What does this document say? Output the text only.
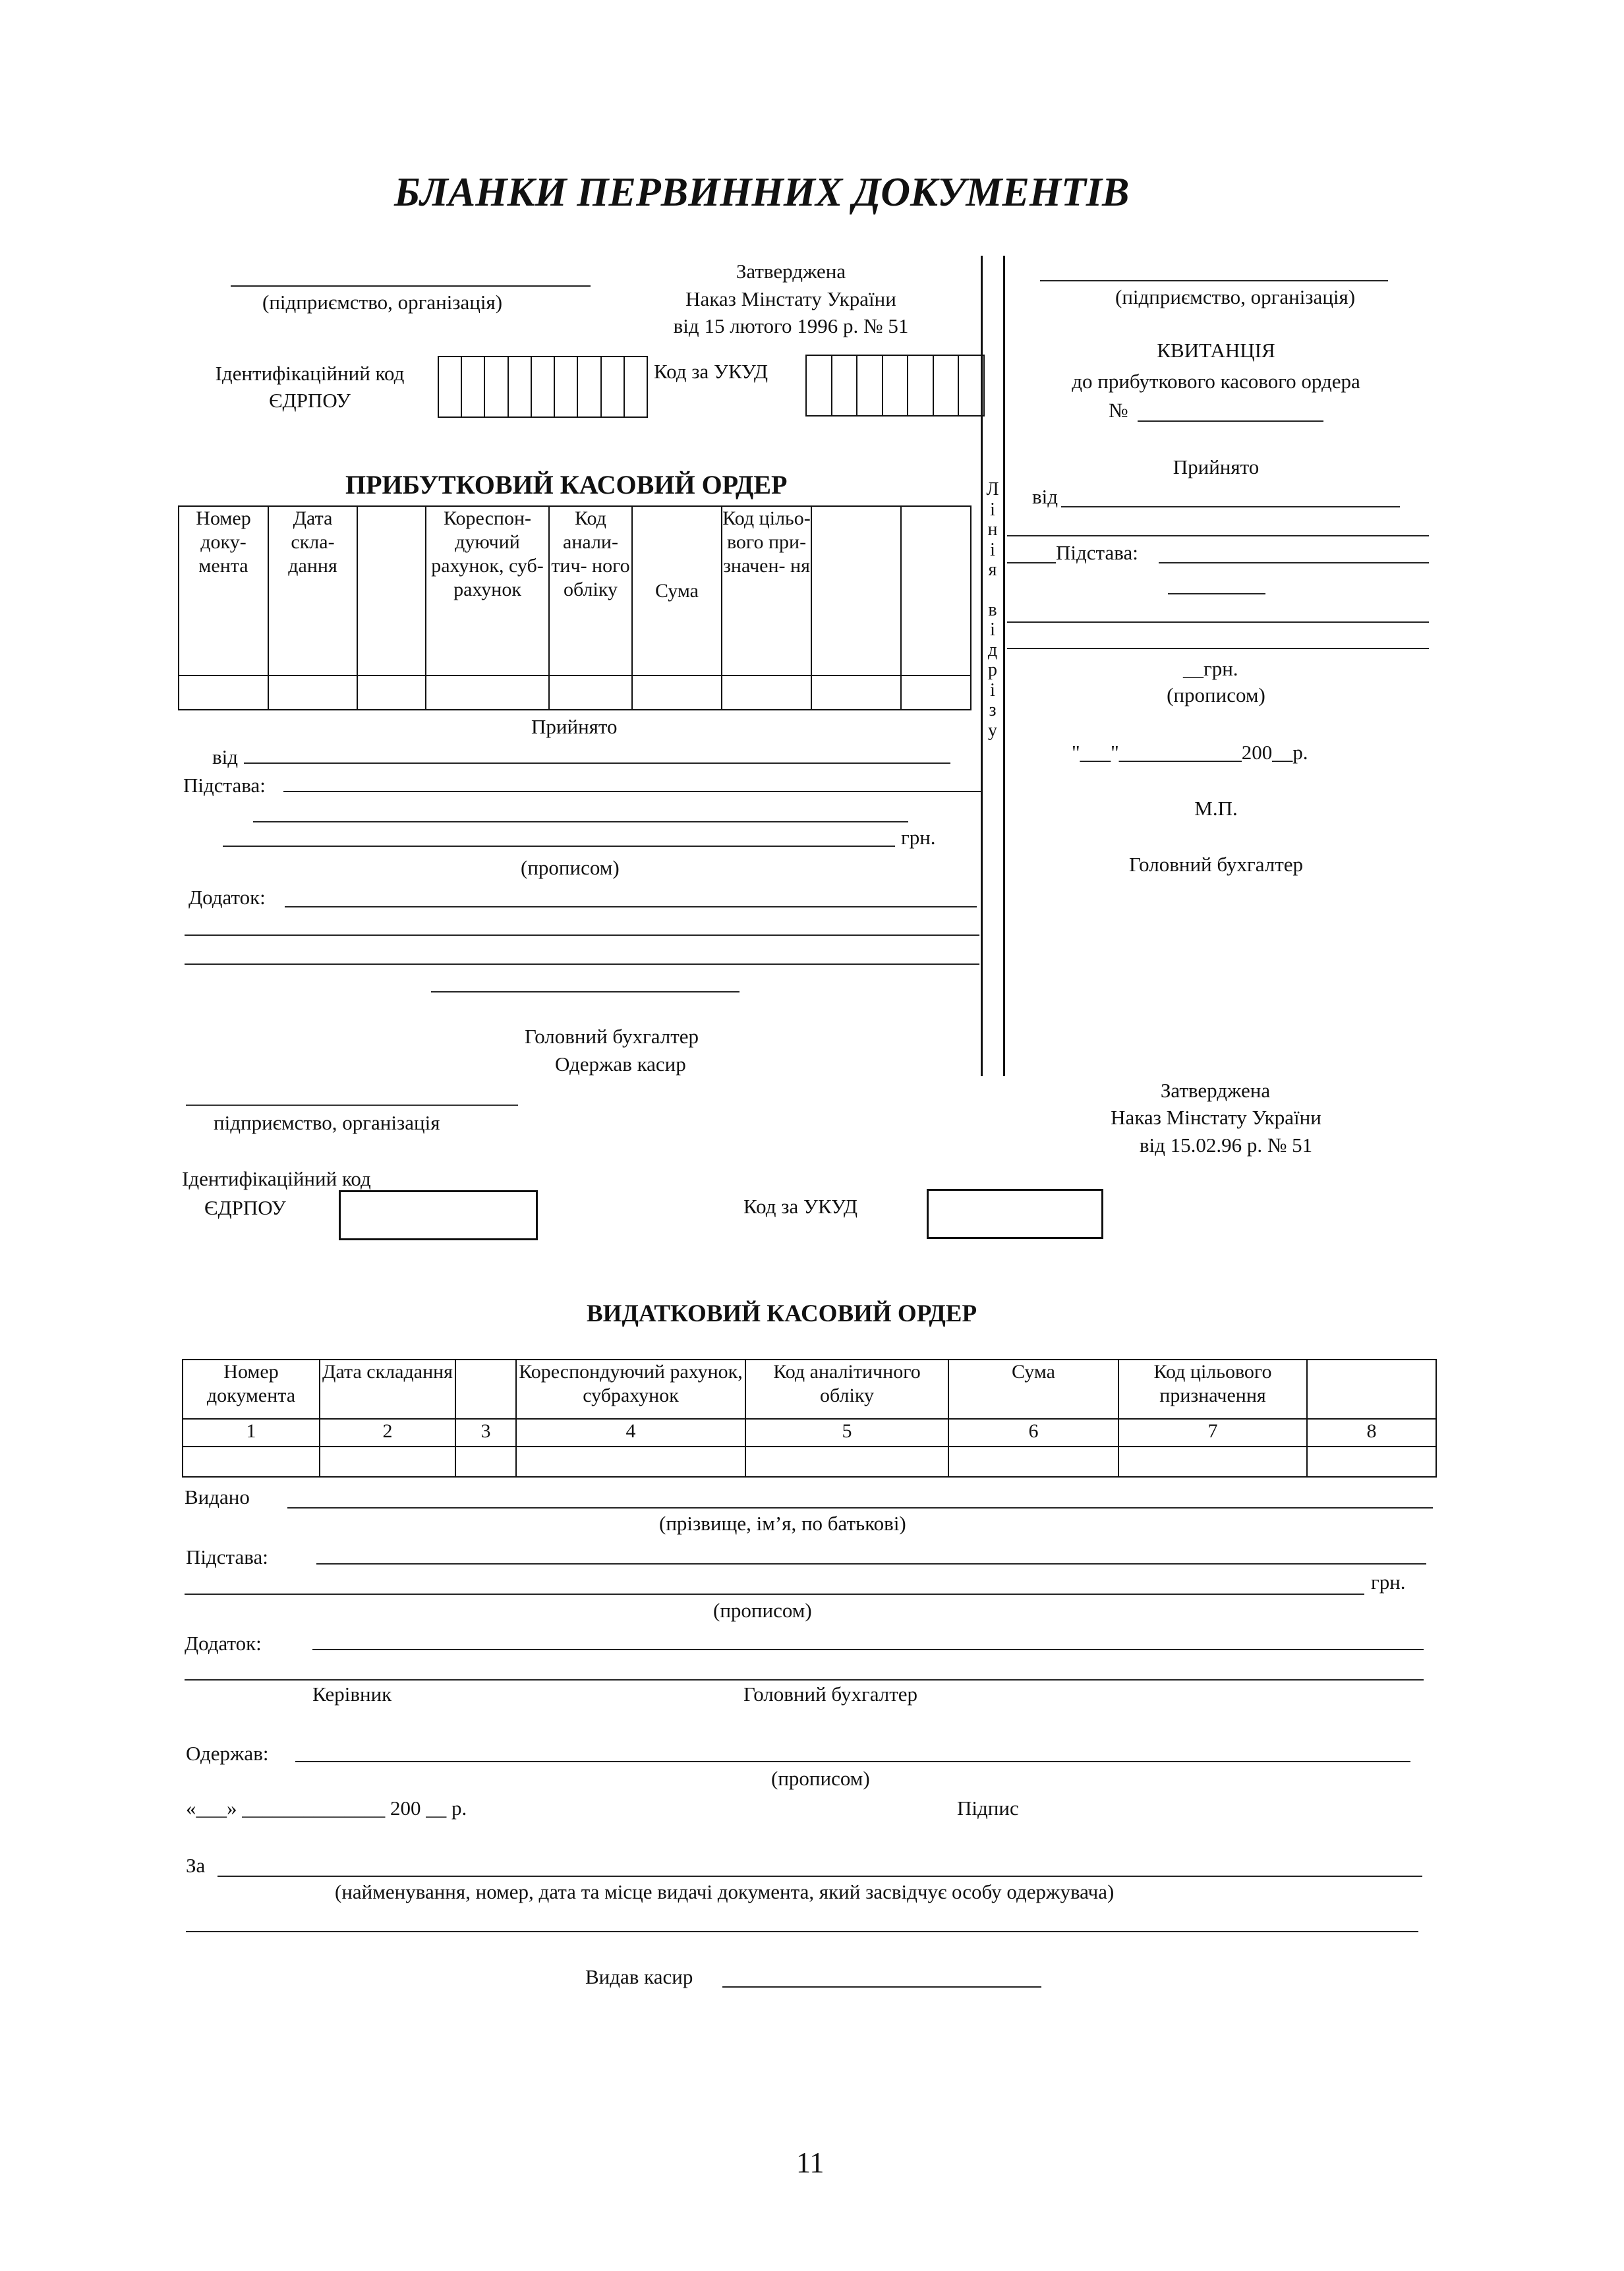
БЛАНКИ ПЕРВИННИХ ДОКУМЕНТІВ
(підприємство, організація)
Затверджена
Наказ Мінстату України
від 15 лютого 1996 р. № 51
Ідентифікаційний код
ЄДРПОУ
Код за УКУД
ПРИБУТКОВИЙ КАСОВИЙ ОРДЕР
Номер доку- мента	Дата скла- дання		Кореспон- дуючий рахунок, суб- рахунок	Код анали- тич- ного обліку	Сума	Код цільо- вого при- значен- ня		

Прийнято
від
Підстава:
грн.
(прописом)
Додаток:
Головний бухгалтер
Одержав касир
Л
і
н
і
я
в
і
д
р
і
з
у
(підприємство, організація)
КВИТАНЦІЯ
до прибуткового касового ордера
№
Прийнято
від
Підстава:
__грн.
(прописом)
"___"____________200__р.
М.П.
Головний бухгалтер
підприємство, організація
Затверджена
Наказ Мінстату України
від 15.02.96 р. № 51
Ідентифікаційний код
ЄДРПОУ	Код за УКУД
ВИДАТКОВИЙ КАСОВИЙ ОРДЕР
Номер документа	Дата складання		Кореспондуючий рахунок, субрахунок	Код аналітичного обліку	Сума	Код цільового призначення	
1	2	3	4	5	6	7	8

Видано
(прізвище, ім’я, по батькові)
Підстава:
грн.
(прописом)
Додаток:
Керівник	Головний бухгалтер
Одержав:
(прописом)
«___» ______________ 200 __ р.	Підпис
За
(найменування, номер, дата та місце видачі документа, який засвідчує особу одержувача)
Видав касир
11
